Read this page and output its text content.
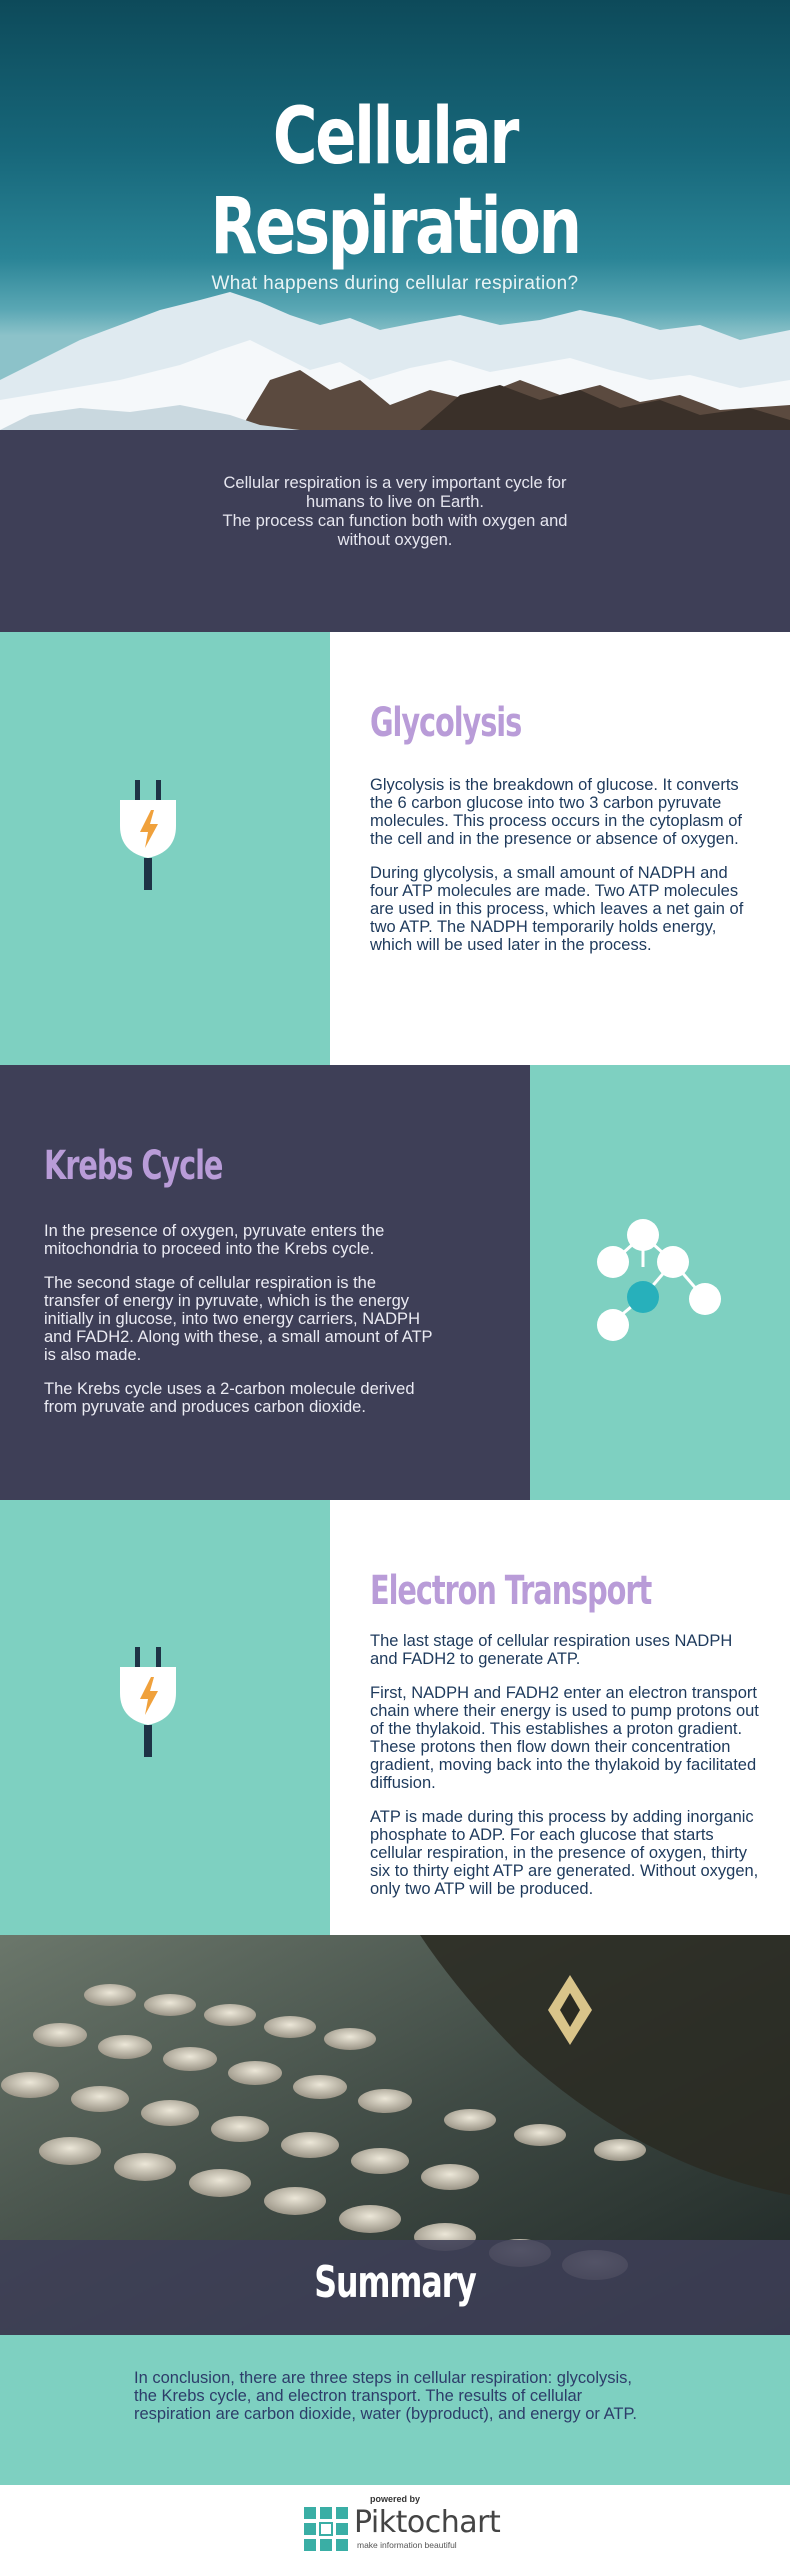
Cellular
Respiration
What happens during cellular respiration?
Cellular respiration is a very important cycle for humans to live on Earth.
The process can function both with oxygen and without oxygen.
Glycolysis

Glycolysis is the breakdown of glucose. It converts the 6 carbon glucose into two 3 carbon pyruvate molecules. This process occurs in the cytoplasm of the cell and in the presence or absence of oxygen.

During glycolysis, a small amount of NADPH and four ATP molecules are made. Two ATP molecules are used in this process, which leaves a net gain of two ATP. The NADPH temporarily holds energy, which will be used later in the process.

Krebs Cycle

In the presence of oxygen, pyruvate enters the mitochondria to proceed into the Krebs cycle.

The second stage of cellular respiration is the transfer of energy in pyruvate, which is the energy initially in glucose, into two energy carriers, NADPH and FADH2. Along with these, a small amount of ATP is also made.

The Krebs cycle uses a 2-carbon molecule derived from pyruvate and produces carbon dioxide.

Electron Transport

The last stage of cellular respiration uses NADPH and FADH2 to generate ATP.

First, NADPH and FADH2 enter an electron transport chain where their energy is used to pump protons out of the thylakoid. This establishes a proton gradient. These protons then flow down their concentration gradient, moving back into the thylakoid by facilitated diffusion.

ATP is made during this process by adding inorganic phosphate to ADP. For each glucose that starts cellular respiration, in the presence of oxygen, thirty six to thirty eight ATP are generated. Without oxygen, only two ATP will be produced.

Summary
In conclusion, there are three steps in cellular respiration: glycolysis, the Krebs cycle, and electron transport. The results of cellular respiration are carbon dioxide, water (byproduct), and energy or ATP.
powered by
Piktochart
make information beautiful
